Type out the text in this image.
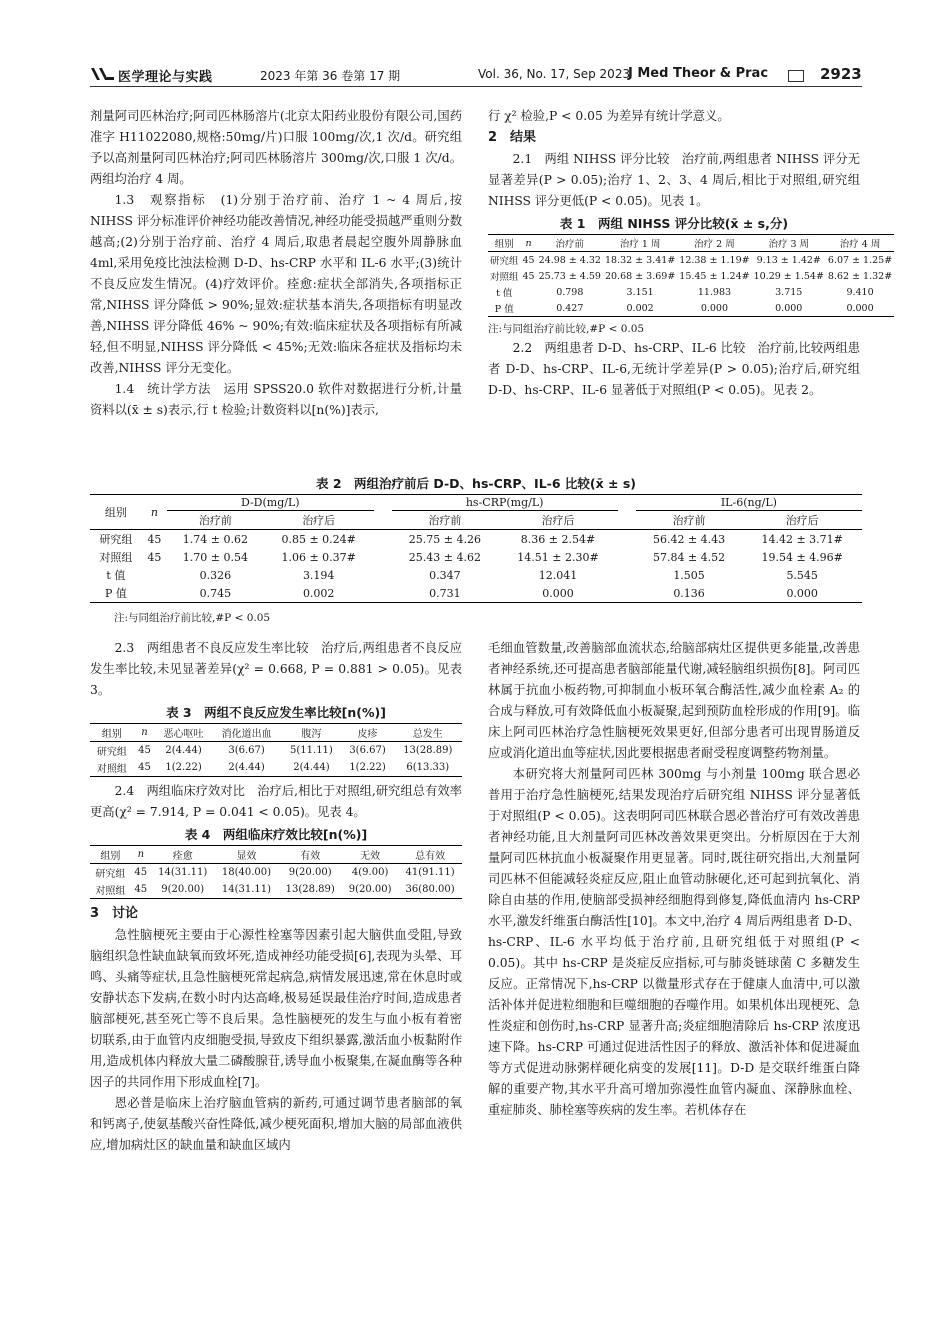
医学理论与实践	2023 年第 36 卷第 17 期	Vol. 36, No. 17, Sep 2023
J Med Theor & Prac	2923

剂量阿司匹林治疗;阿司匹林肠溶片(北京太阳药业股份有限公司,国药准字 H11022080,规格:50mg/片)口服 100mg/次,1 次/d。研究组予以高剂量阿司匹林治疗;阿司匹林肠溶片 300mg/次,口服 1 次/d。两组均治疗 4 周。

1.3　观察指标　(1)分别于治疗前、治疗 1 ~ 4 周后,按 NIHSS 评分标准评价神经功能改善情况,神经功能受损越严重则分数越高;(2)分别于治疗前、治疗 4 周后,取患者晨起空腹外周静脉血 4ml,采用免疫比浊法检测 D-D、hs-CRP 水平和 IL-6 水平;(3)统计不良反应发生情况。(4)疗效评价。痊愈:症状全部消失,各项指标正常,NIHSS 评分降低 > 90%;显效:症状基本消失,各项指标有明显改善,NIHSS 评分降低 46% ~ 90%;有效:临床症状及各项指标有所减轻,但不明显,NIHSS 评分降低 < 45%;无效:临床各症状及指标均未改善,NIHSS 评分无变化。

1.4　统计学方法　运用 SPSS20.0 软件对数据进行分析,计量资料以(x̄ ± s)表示,行 t 检验;计数资料以[n(%)]表示,

行 χ² 检验,P < 0.05 为差异有统计学意义。

2　结果

2.1　两组 NIHSS 评分比较　治疗前,两组患者 NIHSS 评分无显著差异(P > 0.05);治疗 1、2、3、4 周后,相比于对照组,研究组 NIHSS 评分更低(P < 0.05)。见表 1。

表 1　两组 NIHSS 评分比较(x̄ ± s,分)

组别	n	治疗前	治疗 1 周	治疗 2 周	治疗 3 周	治疗 4 周
研究组	45	24.98 ± 4.32	18.32 ± 3.41#	12.38 ± 1.19#	9.13 ± 1.42#	6.07 ± 1.25#
对照组	45	25.73 ± 4.59	20.68 ± 3.69#	15.45 ± 1.24#	10.29 ± 1.54#	8.62 ± 1.32#
t 值		0.798	3.151	11.983	3.715	9.410
P 值		0.427	0.002	0.000	0.000	0.000

注:与同组治疗前比较,#P < 0.05

2.2　两组患者 D-D、hs-CRP、IL-6 比较　治疗前,比较两组患者 D-D、hs-CRP、IL-6,无统计学差异(P > 0.05);治疗后,研究组 D-D、hs-CRP、IL-6 显著低于对照组(P < 0.05)。见表 2。

表 2　两组治疗前后 D-D、hs-CRP、IL-6 比较(x̄ ± s)

组别	n	D-D(mg/L)			hs-CRP(mg/L)			IL-6(ng/L)	
		治疗前	治疗后		治疗前	治疗后		治疗前	治疗后
研究组	45	1.74 ± 0.62	0.85 ± 0.24#		25.75 ± 4.26	8.36 ± 2.54#		56.42 ± 4.43	14.42 ± 3.71#
对照组	45	1.70 ± 0.54	1.06 ± 0.37#		25.43 ± 4.62	14.51 ± 2.30#		57.84 ± 4.52	19.54 ± 4.96#
t 值		0.326	3.194		0.347	12.041		1.505	5.545
P 值		0.745	0.002		0.731	0.000		0.136	0.000

注:与同组治疗前比较,#P < 0.05

2.3　两组患者不良反应发生率比较　治疗后,两组患者不良反应发生率比较,未见显著差异(χ² = 0.668, P = 0.881 > 0.05)。见表 3。

表 3　两组不良反应发生率比较[n(%)]

组别	n	恶心呕吐	消化道出血	腹泻	皮疹	总发生
研究组	45	2(4.44)	3(6.67)	5(11.11)	3(6.67)	13(28.89)
对照组	45	1(2.22)	2(4.44)	2(4.44)	1(2.22)	6(13.33)

2.4　两组临床疗效对比　治疗后,相比于对照组,研究组总有效率更高(χ² = 7.914, P = 0.041 < 0.05)。见表 4。

表 4　两组临床疗效比较[n(%)]

组别	n	痊愈	显效	有效	无效	总有效
研究组	45	14(31.11)	18(40.00)	9(20.00)	4(9.00)	41(91.11)
对照组	45	9(20.00)	14(31.11)	13(28.89)	9(20.00)	36(80.00)

3　讨论

急性脑梗死主要由于心源性栓塞等因素引起大脑供血受阻,导致脑组织急性缺血缺氧而致坏死,造成神经功能受损[6],表现为头晕、耳鸣、头痛等症状,且急性脑梗死常起病急,病情发展迅速,常在休息时或安静状态下发病,在数小时内达高峰,极易延误最佳治疗时间,造成患者脑部梗死,甚至死亡等不良后果。急性脑梗死的发生与血小板有着密切联系,由于血管内皮细胞受损,导致皮下组织暴露,激活血小板黏附作用,造成机体内释放大量二磷酸腺苷,诱导血小板聚集,在凝血酶等各种因子的共同作用下形成血栓[7]。

恩必普是临床上治疗脑血管病的新药,可通过调节患者脑部的氧和钙离子,使氨基酸兴奋性降低,减少梗死面积,增加大脑的局部血液供应,增加病灶区的缺血量和缺血区域内

毛细血管数量,改善脑部血流状态,给脑部病灶区提供更多能量,改善患者神经系统,还可提高患者脑部能量代谢,减轻脑组织损伤[8]。阿司匹林属于抗血小板药物,可抑制血小板环氧合酶活性,减少血栓素 A₂ 的合成与释放,可有效降低血小板凝聚,起到预防血栓形成的作用[9]。临床上阿司匹林治疗急性脑梗死效果更好,但部分患者可出现胃肠道反应或消化道出血等症状,因此要根据患者耐受程度调整药物剂量。

本研究将大剂量阿司匹林 300mg 与小剂量 100mg 联合恩必普用于治疗急性脑梗死,结果发现治疗后研究组 NIHSS 评分显著低于对照组(P < 0.05)。这表明阿司匹林联合恩必普治疗可有效改善患者神经功能,且大剂量阿司匹林改善效果更突出。分析原因在于大剂量阿司匹林抗血小板凝聚作用更显著。同时,既往研究指出,大剂量阿司匹林不但能减轻炎症反应,阻止血管动脉硬化,还可起到抗氧化、消除自由基的作用,使脑部受损神经细胞得到修复,降低血清内 hs-CRP 水平,激发纤维蛋白酶活性[10]。本文中,治疗 4 周后两组患者 D-D、hs-CRP、IL-6 水平均低于治疗前,且研究组低于对照组(P < 0.05)。其中 hs-CRP 是炎症反应指标,可与肺炎链球菌 C 多糖发生反应。正常情况下,hs-CRP 以微量形式存在于健康人血清中,可以激活补体并促进粒细胞和巨噬细胞的吞噬作用。如果机体出现梗死、急性炎症和创伤时,hs-CRP 显著升高;炎症细胞清除后 hs-CRP 浓度迅速下降。hs-CRP 可通过促进活性因子的释放、激活补体和促进凝血等方式促进动脉粥样硬化病变的发展[11]。D-D 是交联纤维蛋白降解的重要产物,其水平升高可增加弥漫性血管内凝血、深静脉血栓、重症肺炎、肺栓塞等疾病的发生率。若机体存在
